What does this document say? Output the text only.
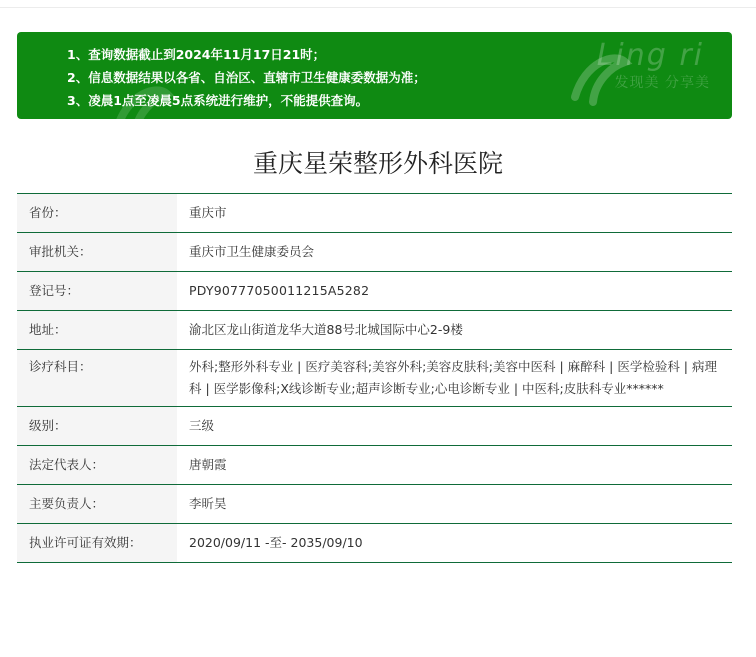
Ling ri
发现美 分享美
1、查询数据截止到2024年11月17日21时；
2、信息数据结果以各省、自治区、直辖市卫生健康委数据为准；
3、凌晨1点至凌晨5点系统进行维护，不能提供查询。
重庆星荣整形外科医院
省份：	重庆市
审批机关：	重庆市卫生健康委员会
登记号：	PDY90777050011215A5282
地址：	渝北区龙山街道龙华大道88号北城国际中心2-9楼
诊疗科目：	外科;整形外科专业 | 医疗美容科;美容外科;美容皮肤科;美容中医科 | 麻醉科 | 医学检验科 | 病理科 | 医学影像科;X线诊断专业;超声诊断专业;心电诊断专业 | 中医科;皮肤科专业******
级别：	三级
法定代表人：	唐朝霞
主要负责人：	李昕昊
执业许可证有效期：	2020/09/11 -至- 2035/09/10
